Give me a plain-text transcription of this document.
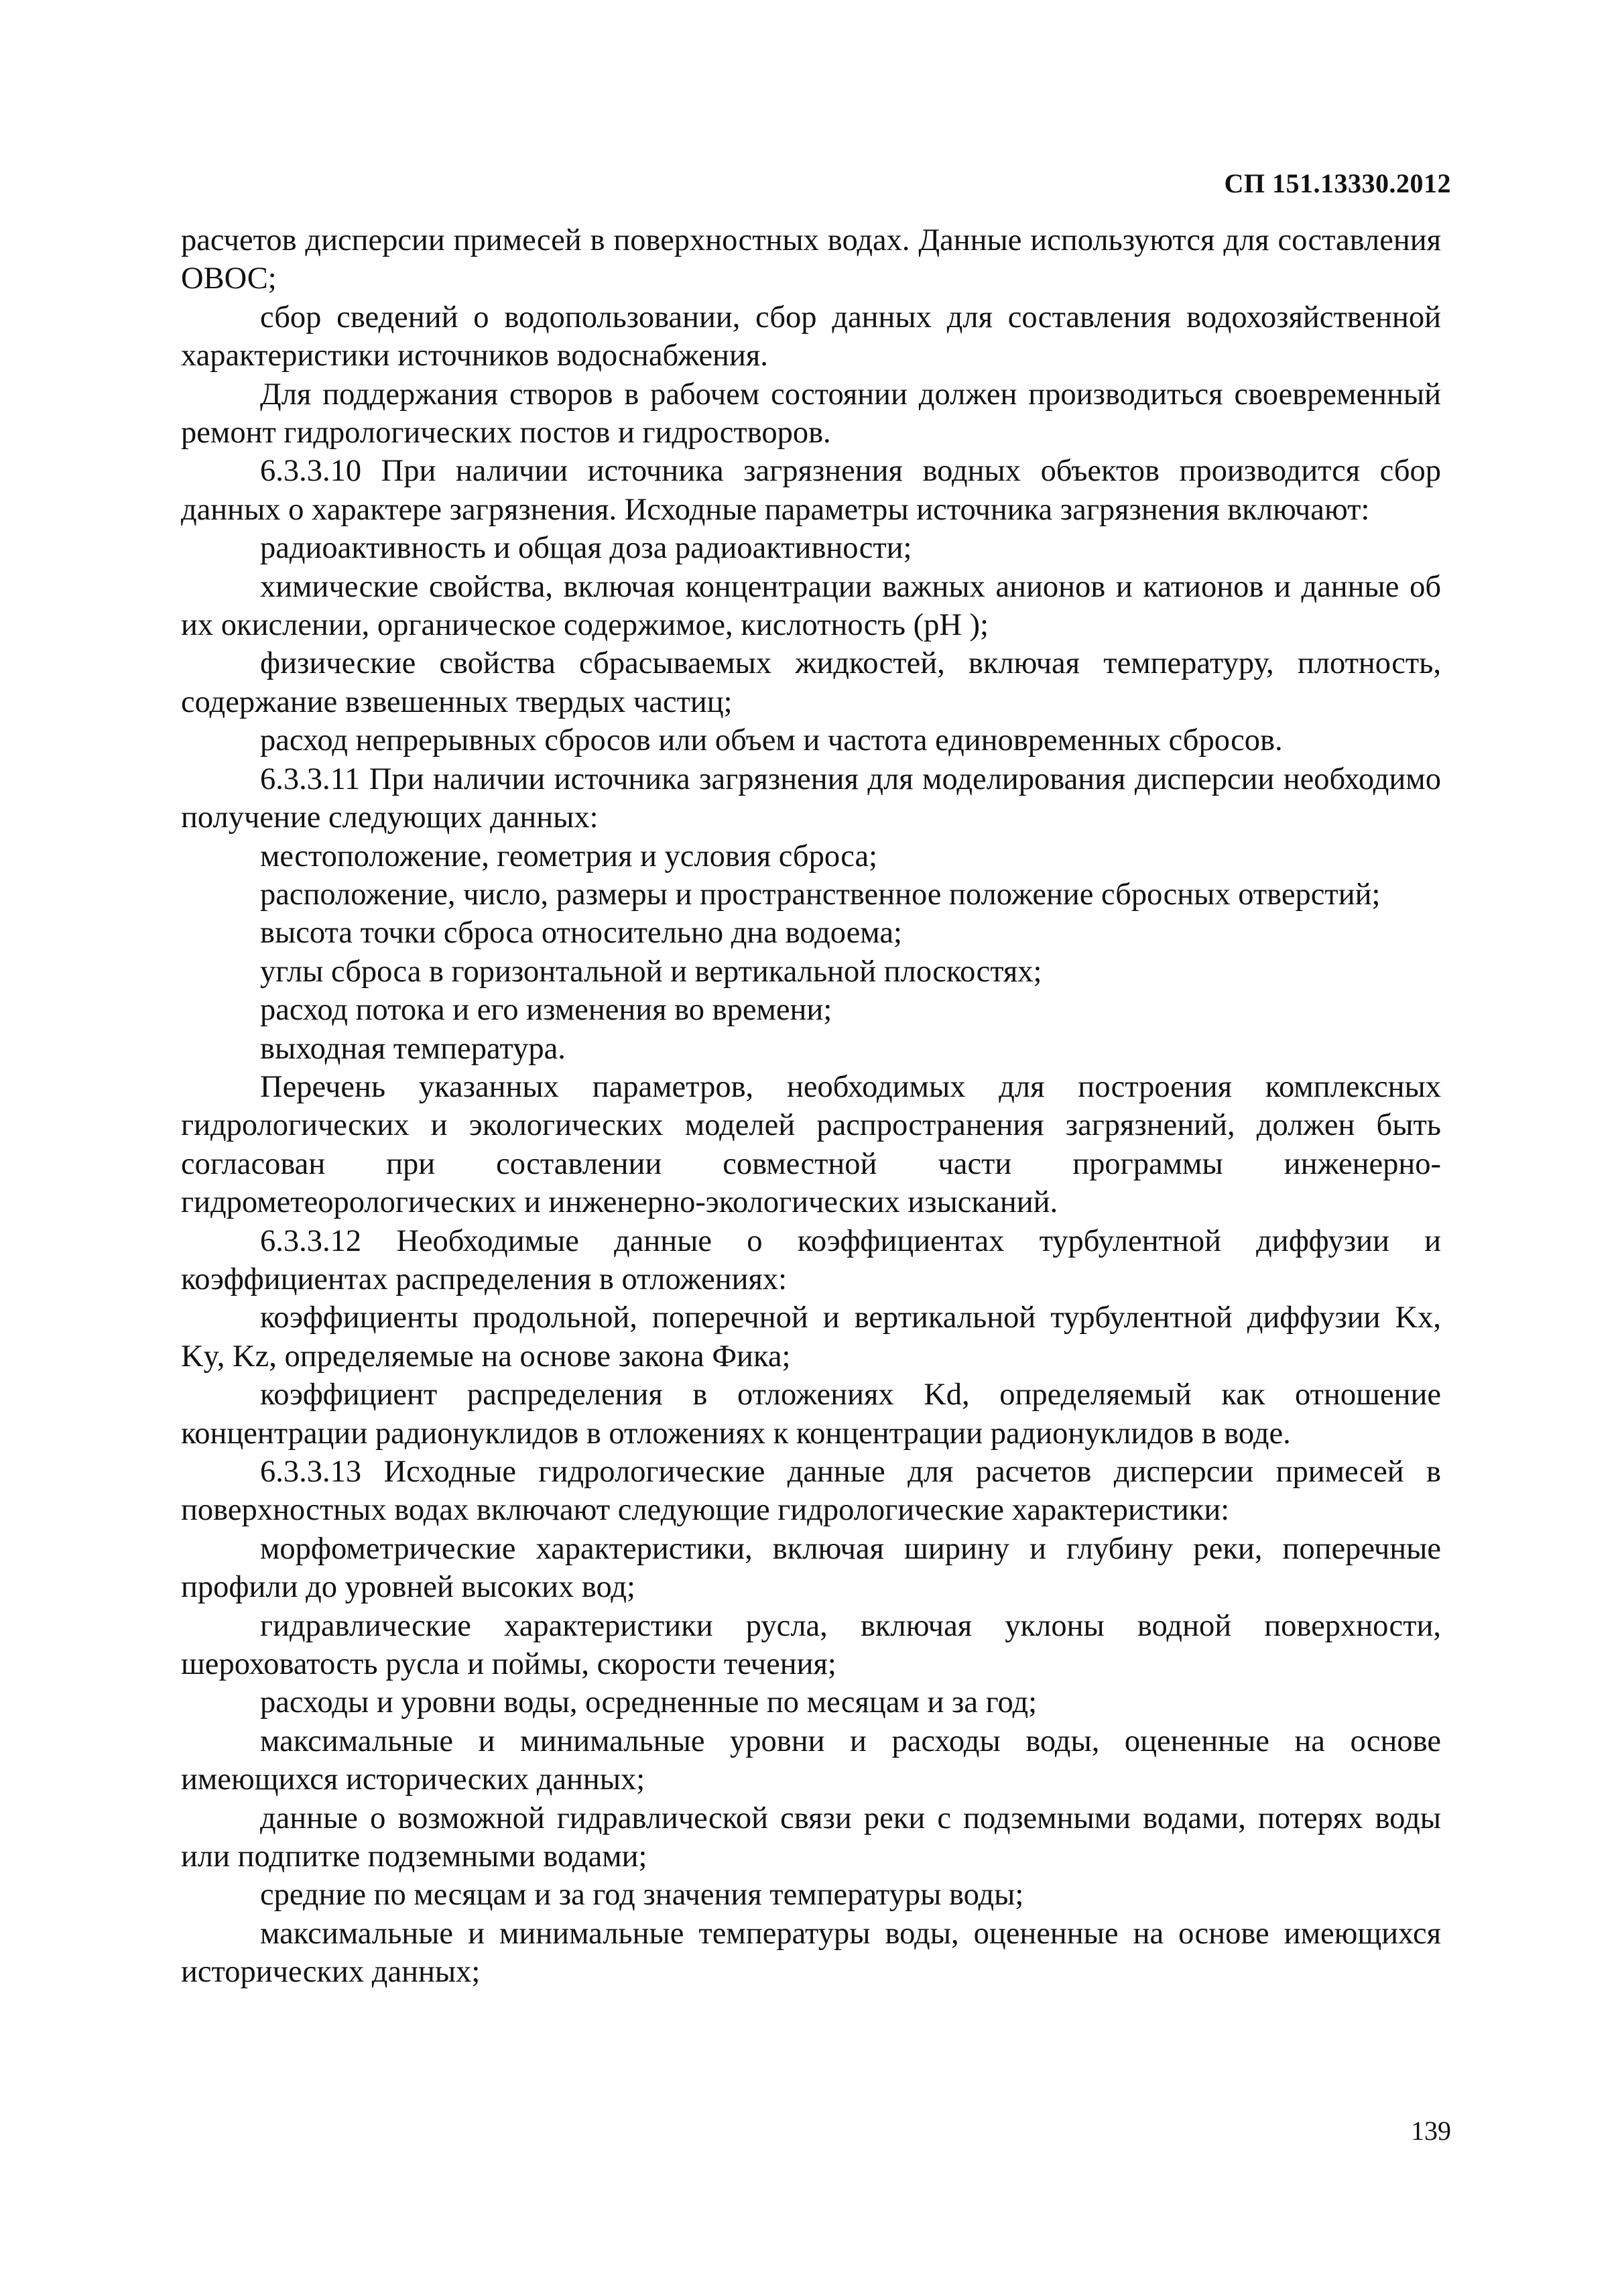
СП 151.13330.2012

расчетов дисперсии примесей в поверхностных водах. Данные используются для составления ОВОС;

сбор сведений о водопользовании, сбор данных для составления водохозяйственной характеристики источников водоснабжения.

Для поддержания створов в рабочем состоянии должен производиться своевременный ремонт гидрологических постов и гидростворов.

6.3.3.10 При наличии источника загрязнения водных объектов производится сбор данных о характере загрязнения. Исходные параметры источника загрязнения включают:

радиоактивность и общая доза радиоактивности;

химические свойства, включая концентрации важных анионов и катионов и данные об их окислении, органическое содержимое, кислотность (pH );

физические свойства сбрасываемых жидкостей, включая температуру, плотность, содержание взвешенных твердых частиц;

расход непрерывных сбросов или объем и частота единовременных сбросов.

6.3.3.11 При наличии источника загрязнения для моделирования дисперсии необходимо получение следующих данных:

местоположение, геометрия и условия сброса;

расположение, число, размеры и пространственное положение сбросных отверстий;

высота точки сброса относительно дна водоема;

углы сброса в горизонтальной и вертикальной плоскостях;

расход потока и его изменения во времени;

выходная температура.

Перечень указанных параметров, необходимых для построения комплексных гидрологических и экологических моделей распространения загрязнений, должен быть согласован при составлении совместной части программы инженерно-гидрометеорологических и инженерно-экологических изысканий.

6.3.3.12 Необходимые данные о коэффициентах турбулентной диффузии и коэффициентах распределения в отложениях:

коэффициенты продольной, поперечной и вертикальной турбулентной диффузии Kx, Ky, Kz, определяемые на основе закона Фика;

коэффициент распределения в отложениях Kd, определяемый как отношение концентрации радионуклидов в отложениях к концентрации радионуклидов в воде.

6.3.3.13 Исходные гидрологические данные для расчетов дисперсии примесей в поверхностных водах включают следующие гидрологические характеристики:

морфометрические характеристики, включая ширину и глубину реки, поперечные профили до уровней высоких вод;

гидравлические характеристики русла, включая уклоны водной поверхности, шероховатость русла и поймы, скорости течения;

расходы и уровни воды, осредненные по месяцам и за год;

максимальные и минимальные уровни и расходы воды, оцененные на основе имеющихся исторических данных;

данные о возможной гидравлической связи реки с подземными водами, потерях воды или подпитке подземными водами;

средние по месяцам и за год значения температуры воды;

максимальные и минимальные температуры воды, оцененные на основе имеющихся исторических данных;

139
